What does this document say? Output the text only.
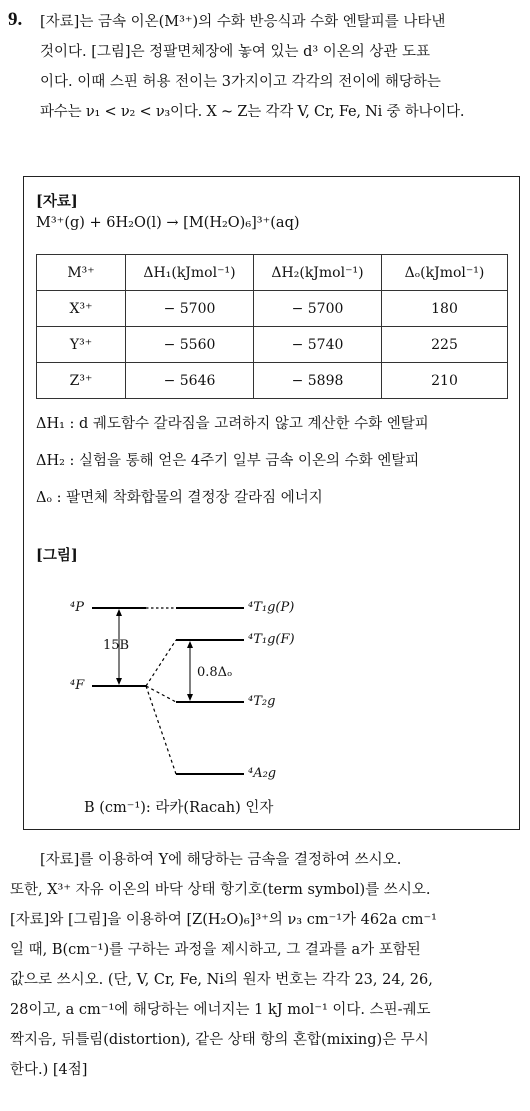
9. [자료]는 금속 이온(M³⁺)의 수화 반응식과 수화 엔탈피를 나타낸
것이다. [그림]은 정팔면체장에 놓여 있는 d³ 이온의 상관 도표
이다. 이때 스핀 허용 전이는 3가지이고 각각의 전이에 해당하는
파수는 ν₁ < ν₂ < ν₃이다. X ~ Z는 각각 V, Cr, Fe, Ni 중 하나이다.
[자료]
M³⁺(g) + 6H₂O(l) → [M(H₂O)₆]³⁺(aq)
M³⁺	ΔH₁(kJmol⁻¹)	ΔH₂(kJmol⁻¹)	Δₒ(kJmol⁻¹)
X³⁺	− 5700	− 5700	180
Y³⁺	− 5560	− 5740	225
Z³⁺	− 5646	− 5898	210
ΔH₁ : d 궤도함수 갈라짐을 고려하지 않고 계산한 수화 엔탈피
ΔH₂ : 실험을 통해 얻은 4주기 일부 금속 이온의 수화 엔탈피
Δₒ : 팔면체 착화합물의 결정장 갈라짐 에너지
[그림]
⁴P
⁴F
15B
0.8Δₒ
⁴T₁g(P)
⁴T₁g(F)
⁴T₂g
⁴A₂g
B (cm⁻¹): 라카(Racah) 인자
[자료]를 이용하여 Y에 해당하는 금속을 결정하여 쓰시오.
또한, X³⁺ 자유 이온의 바닥 상태 항기호(term symbol)를 쓰시오.
[자료]와 [그림]을 이용하여 [Z(H₂O)₆]³⁺의 ν₃ cm⁻¹가 462a cm⁻¹
일 때, B(cm⁻¹)를 구하는 과정을 제시하고, 그 결과를 a가 포함된
값으로 쓰시오. (단, V, Cr, Fe, Ni의 원자 번호는 각각 23, 24, 26,
28이고, a cm⁻¹에 해당하는 에너지는 1 kJ mol⁻¹ 이다. 스핀-궤도
짝지음, 뒤틀림(distortion), 같은 상태 항의 혼합(mixing)은 무시
한다.) [4점]
